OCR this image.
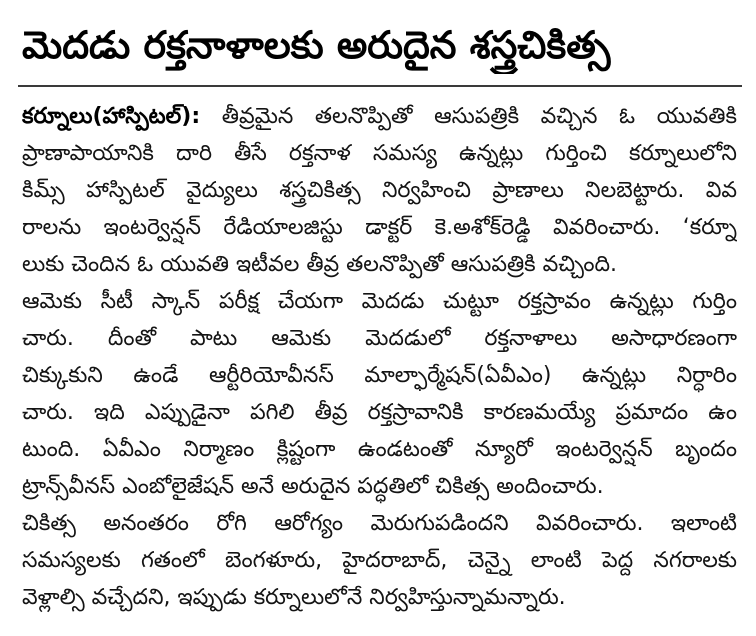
మెదడు రక్తనాళాలకు అరుదైన శస్త్రచికిత్స
కర్నూలు(హాస్పిటల్): తీవ్రమైన తలనొప్పితో ఆసుపత్రికి వచ్చిన ఓ యువతికి
ప్రాణాపాయానికి దారి తీసే రక్తనాళ సమస్య ఉన్నట్లు గుర్తించి కర్నూలులోని
కిమ్స్ హాస్పిటల్ వైద్యులు శస్త్రచికిత్స నిర్వహించి ప్రాణాలు నిలబెట్టారు. వివ
రాలను ఇంటర్వెన్షన్ రేడియాలజిస్టు డాక్టర్ కె.అశోక్‌రెడ్డి వివరించారు. ‘కర్నూ
లుకు చెందిన ఓ యువతి ఇటీవల తీవ్ర తలనొప్పితో ఆసుపత్రికి వచ్చింది.
ఆమెకు సీటీ స్కాన్ పరీక్ష చేయగా మెదడు చుట్టూ రక్తస్రావం ఉన్నట్లు గుర్తిం
చారు. దీంతో పాటు ఆమెకు మెదడులో రక్తనాళాలు అసాధారణంగా
చిక్కుకుని ఉండే ఆర్టీరియోవీనస్ మాల్ఫార్మేషన్(ఏవీఎం) ఉన్నట్లు నిర్ధారిం
చారు. ఇది ఎప్పుడైనా పగిలి తీవ్ర రక్తస్రావానికి కారణమయ్యే ప్రమాదం ఉం
టుంది. ఏవీఎం నిర్మాణం క్లిష్టంగా ఉండటంతో న్యూరో ఇంటర్వెన్షన్ బృందం
ట్రాన్స్‌వీనస్ ఎంబోలైజేషన్ అనే అరుదైన పద్ధతిలో చికిత్స అందించారు.
చికిత్స అనంతరం రోగి ఆరోగ్యం మెరుగుపడిందని వివరించారు. ఇలాంటి
సమస్యలకు గతంలో బెంగళూరు, హైదరాబాద్, చెన్నై లాంటి పెద్ద నగరాలకు
వెళ్లాల్సి వచ్చేదని, ఇప్పుడు కర్నూలులోనే నిర్వహిస్తున్నామన్నారు.
